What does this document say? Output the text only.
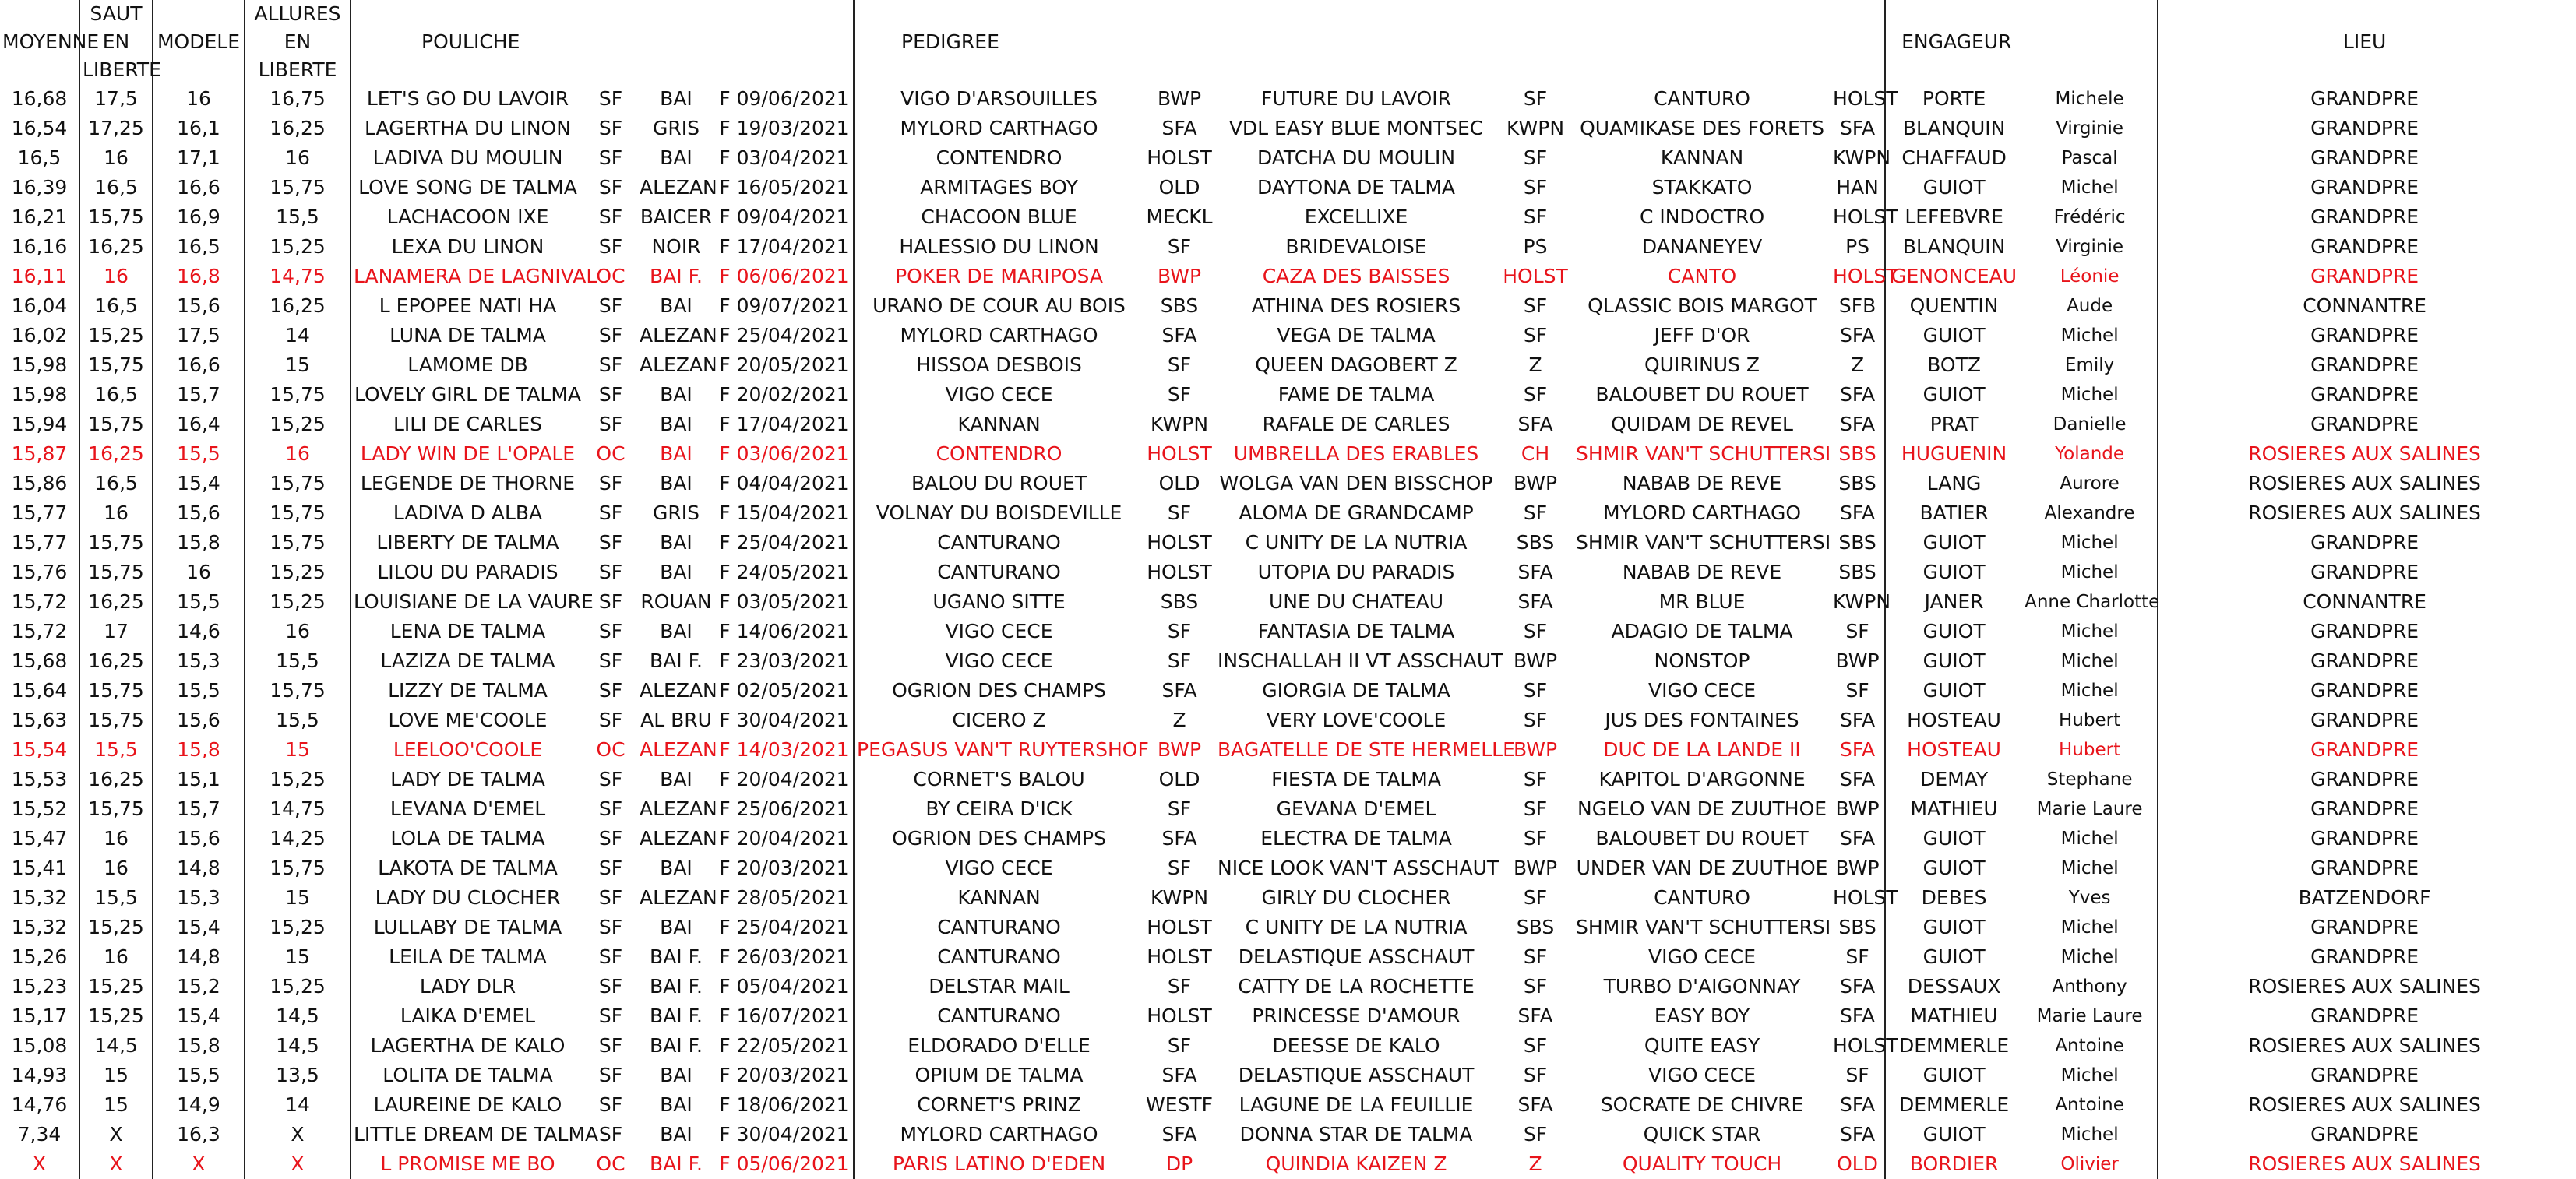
MOYENNE	SAUT EN LIBERTE	MODELE	ALLURES EN LIBERTE	POULICHE				PEDIGREE						ENGAGEUR		LIEU
16,68	17,5	16	16,75	LET'S GO DU LAVOIR	SF	BAI	F 09/06/2021	VIGO D'ARSOUILLES	BWP	FUTURE DU LAVOIR	SF	CANTURO	HOLST	PORTE	Michele	GRANDPRE
16,54	17,25	16,1	16,25	LAGERTHA DU LINON	SF	GRIS	F 19/03/2021	MYLORD CARTHAGO	SFA	VDL EASY BLUE MONTSEC	KWPN	QUAMIKASE DES FORETS	SFA	BLANQUIN	Virginie	GRANDPRE
16,5	16	17,1	16	LADIVA DU MOULIN	SF	BAI	F 03/04/2021	CONTENDRO	HOLST	DATCHA DU MOULIN	SF	KANNAN	KWPN	CHAFFAUD	Pascal	GRANDPRE
16,39	16,5	16,6	15,75	LOVE SONG DE TALMA	SF	ALEZAN	F 16/05/2021	ARMITAGES BOY	OLD	DAYTONA DE TALMA	SF	STAKKATO	HAN	GUIOT	Michel	GRANDPRE
16,21	15,75	16,9	15,5	LACHACOON IXE	SF	BAICER	F 09/04/2021	CHACOON BLUE	MECKL	EXCELLIXE	SF	C INDOCTRO	HOLST	LEFEBVRE	Frédéric	GRANDPRE
16,16	16,25	16,5	15,25	LEXA DU LINON	SF	NOIR	F 17/04/2021	HALESSIO DU LINON	SF	BRIDEVALOISE	PS	DANANEYEV	PS	BLANQUIN	Virginie	GRANDPRE
16,11	16	16,8	14,75	LANAMERA DE LAGNIVAL	OC	BAI F.	F 06/06/2021	POKER DE MARIPOSA	BWP	CAZA DES BAISSES	HOLST	CANTO	HOLST	GENONCEAU	Léonie	GRANDPRE
16,04	16,5	15,6	16,25	L EPOPEE NATI HA	SF	BAI	F 09/07/2021	URANO DE COUR AU BOIS	SBS	ATHINA DES ROSIERS	SF	QLASSIC BOIS MARGOT	SFB	QUENTIN	Aude	CONNANTRE
16,02	15,25	17,5	14	LUNA DE TALMA	SF	ALEZAN	F 25/04/2021	MYLORD CARTHAGO	SFA	VEGA DE TALMA	SF	JEFF D'OR	SFA	GUIOT	Michel	GRANDPRE
15,98	15,75	16,6	15	LAMOME DB	SF	ALEZAN	F 20/05/2021	HISSOA DESBOIS	SF	QUEEN DAGOBERT Z	Z	QUIRINUS Z	Z	BOTZ	Emily	GRANDPRE
15,98	16,5	15,7	15,75	LOVELY GIRL DE TALMA	SF	BAI	F 20/02/2021	VIGO CECE	SF	FAME DE TALMA	SF	BALOUBET DU ROUET	SFA	GUIOT	Michel	GRANDPRE
15,94	15,75	16,4	15,25	LILI DE CARLES	SF	BAI	F 17/04/2021	KANNAN	KWPN	RAFALE DE CARLES	SFA	QUIDAM DE REVEL	SFA	PRAT	Danielle	GRANDPRE
15,87	16,25	15,5	16	LADY WIN DE L'OPALE	OC	BAI	F 03/06/2021	CONTENDRO	HOLST	UMBRELLA DES ERABLES	CH	SHMIR VAN'T SCHUTTERSI	SBS	HUGUENIN	Yolande	ROSIERES AUX SALINES
15,86	16,5	15,4	15,75	LEGENDE DE THORNE	SF	BAI	F 04/04/2021	BALOU DU ROUET	OLD	WOLGA VAN DEN BISSCHOP	BWP	NABAB DE REVE	SBS	LANG	Aurore	ROSIERES AUX SALINES
15,77	16	15,6	15,75	LADIVA D ALBA	SF	GRIS	F 15/04/2021	VOLNAY DU BOISDEVILLE	SF	ALOMA DE GRANDCAMP	SF	MYLORD CARTHAGO	SFA	BATIER	Alexandre	ROSIERES AUX SALINES
15,77	15,75	15,8	15,75	LIBERTY DE TALMA	SF	BAI	F 25/04/2021	CANTURANO	HOLST	C UNITY DE LA NUTRIA	SBS	SHMIR VAN'T SCHUTTERSI	SBS	GUIOT	Michel	GRANDPRE
15,76	15,75	16	15,25	LILOU DU PARADIS	SF	BAI	F 24/05/2021	CANTURANO	HOLST	UTOPIA DU PARADIS	SFA	NABAB DE REVE	SBS	GUIOT	Michel	GRANDPRE
15,72	16,25	15,5	15,25	LOUISIANE DE LA VAURE	SF	ROUAN	F 03/05/2021	UGANO SITTE	SBS	UNE DU CHATEAU	SFA	MR BLUE	KWPN	JANER	Anne Charlotte	CONNANTRE
15,72	17	14,6	16	LENA DE TALMA	SF	BAI	F 14/06/2021	VIGO CECE	SF	FANTASIA DE TALMA	SF	ADAGIO DE TALMA	SF	GUIOT	Michel	GRANDPRE
15,68	16,25	15,3	15,5	LAZIZA DE TALMA	SF	BAI F.	F 23/03/2021	VIGO CECE	SF	INSCHALLAH II VT ASSCHAUT	BWP	NONSTOP	BWP	GUIOT	Michel	GRANDPRE
15,64	15,75	15,5	15,75	LIZZY DE TALMA	SF	ALEZAN	F 02/05/2021	OGRION DES CHAMPS	SFA	GIORGIA DE TALMA	SF	VIGO CECE	SF	GUIOT	Michel	GRANDPRE
15,63	15,75	15,6	15,5	LOVE ME'COOLE	SF	AL BRU	F 30/04/2021	CICERO Z	Z	VERY LOVE'COOLE	SF	JUS DES FONTAINES	SFA	HOSTEAU	Hubert	GRANDPRE
15,54	15,5	15,8	15	LEELOO'COOLE	OC	ALEZAN	F 14/03/2021	PEGASUS VAN'T RUYTERSHOF	BWP	BAGATELLE DE STE HERMELLE	BWP	DUC DE LA LANDE II	SFA	HOSTEAU	Hubert	GRANDPRE
15,53	16,25	15,1	15,25	LADY DE TALMA	SF	BAI	F 20/04/2021	CORNET'S BALOU	OLD	FIESTA DE TALMA	SF	KAPITOL D'ARGONNE	SFA	DEMAY	Stephane	GRANDPRE
15,52	15,75	15,7	14,75	LEVANA D'EMEL	SF	ALEZAN	F 25/06/2021	BY CEIRA D'ICK	SF	GEVANA D'EMEL	SF	NGELO VAN DE ZUUTHOE	BWP	MATHIEU	Marie Laure	GRANDPRE
15,47	16	15,6	14,25	LOLA DE TALMA	SF	ALEZAN	F 20/04/2021	OGRION DES CHAMPS	SFA	ELECTRA DE TALMA	SF	BALOUBET DU ROUET	SFA	GUIOT	Michel	GRANDPRE
15,41	16	14,8	15,75	LAKOTA DE TALMA	SF	BAI	F 20/03/2021	VIGO CECE	SF	NICE LOOK VAN'T ASSCHAUT	BWP	UNDER VAN DE ZUUTHOE	BWP	GUIOT	Michel	GRANDPRE
15,32	15,5	15,3	15	LADY DU CLOCHER	SF	ALEZAN	F 28/05/2021	KANNAN	KWPN	GIRLY DU CLOCHER	SF	CANTURO	HOLST	DEBES	Yves	BATZENDORF
15,32	15,25	15,4	15,25	LULLABY DE TALMA	SF	BAI	F 25/04/2021	CANTURANO	HOLST	C UNITY DE LA NUTRIA	SBS	SHMIR VAN'T SCHUTTERSI	SBS	GUIOT	Michel	GRANDPRE
15,26	16	14,8	15	LEILA DE TALMA	SF	BAI F.	F 26/03/2021	CANTURANO	HOLST	DELASTIQUE ASSCHAUT	SF	VIGO CECE	SF	GUIOT	Michel	GRANDPRE
15,23	15,25	15,2	15,25	LADY DLR	SF	BAI F.	F 05/04/2021	DELSTAR MAIL	SF	CATTY DE LA ROCHETTE	SF	TURBO D'AIGONNAY	SFA	DESSAUX	Anthony	ROSIERES AUX SALINES
15,17	15,25	15,4	14,5	LAIKA D'EMEL	SF	BAI F.	F 16/07/2021	CANTURANO	HOLST	PRINCESSE D'AMOUR	SFA	EASY BOY	SFA	MATHIEU	Marie Laure	GRANDPRE
15,08	14,5	15,8	14,5	LAGERTHA DE KALO	SF	BAI F.	F 22/05/2021	ELDORADO D'ELLE	SF	DEESSE DE KALO	SF	QUITE EASY	HOLST	DEMMERLE	Antoine	ROSIERES AUX SALINES
14,93	15	15,5	13,5	LOLITA DE TALMA	SF	BAI	F 20/03/2021	OPIUM DE TALMA	SFA	DELASTIQUE ASSCHAUT	SF	VIGO CECE	SF	GUIOT	Michel	GRANDPRE
14,76	15	14,9	14	LAUREINE DE KALO	SF	BAI	F 18/06/2021	CORNET'S PRINZ	WESTF	LAGUNE DE LA FEUILLIE	SFA	SOCRATE DE CHIVRE	SFA	DEMMERLE	Antoine	ROSIERES AUX SALINES
7,34	X	16,3	X	LITTLE DREAM DE TALMA	SF	BAI	F 30/04/2021	MYLORD CARTHAGO	SFA	DONNA STAR DE TALMA	SF	QUICK STAR	SFA	GUIOT	Michel	GRANDPRE
X	X	X	X	L PROMISE ME BO	OC	BAI F.	F 05/06/2021	PARIS LATINO D'EDEN	DP	QUINDIA KAIZEN Z	Z	QUALITY TOUCH	OLD	BORDIER	Olivier	ROSIERES AUX SALINES
